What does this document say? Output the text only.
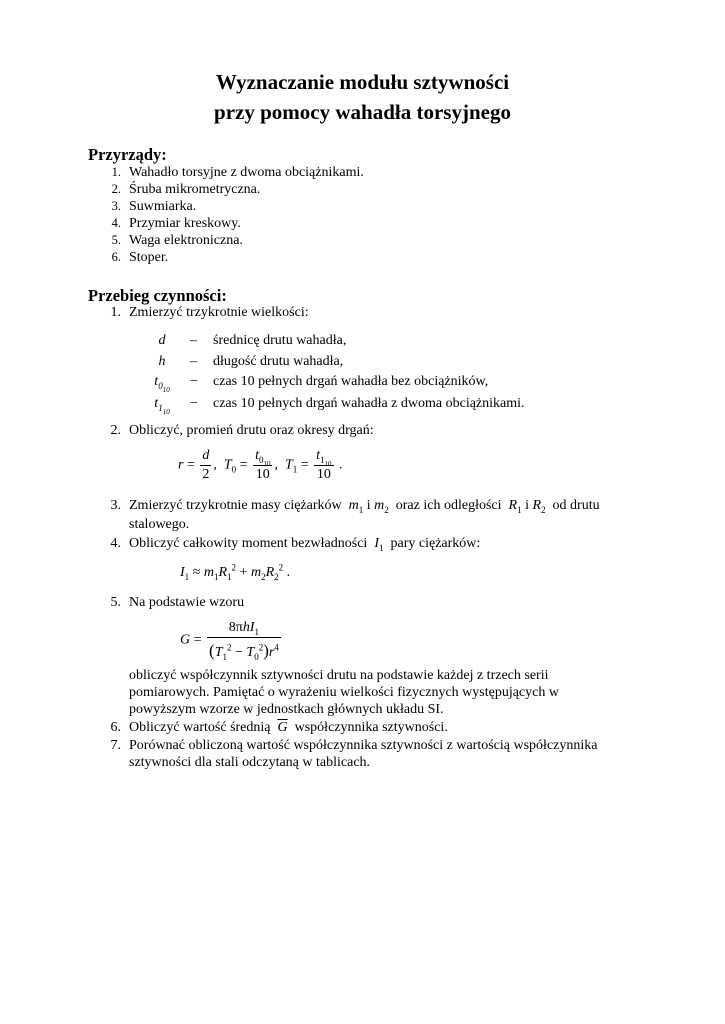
Wyznaczanie modułu sztywności
przy pomocy wahadła torsyjnego
Przyrządy:
1. Wahadło torsyjne z dwoma obciążnikami.
2. Śruba mikrometryczna.
3. Suwmiarka.
4. Przymiar kreskowy.
5. Waga elektroniczna.
6. Stoper.
Przebieg czynności:
1. Zmierzyć trzykrotnie wielkości:
d	– średnicę drutu wahadła,
h	– długość drutu wahadła,
$t_{0_{10}}$
− czas 10 pełnych drgań wahadła bez obciążników,
$t_{1_{10}}$
− czas 10 pełnych drgań wahadła z dwoma obciążnikami.
2. Obliczyć, promień drutu oraz okresy drgań:
$r = \frac{d}{2}$ ,  $T_0 = \frac{t_{0_{10}}}{10}$ ,  $T_1 = \frac{t_{1_{10}}}{10}$ .
3. Zmierzyć trzykrotnie masy ciężarków $m_1$ i $m_2$ oraz ich odległości $R_1$ i $R_2$ od drutu
stalowego.
4. Obliczyć całkowity moment bezwładności $I_1$ pary ciężarków:
$I_1 \approx m_1R_1^2 + m_2R_2^2$ .
5. Na podstawie wzoru
$G = \frac{8\pi hI_1}{(T_1^2 - T_0^2)r^4}$
obliczyć współczynnik sztywności drutu na podstawie każdej z trzech serii
pomiarowych. Pamiętać o wyrażeniu wielkości fizycznych występujących w
powyższym wzorze w jednostkach głównych układu SI.
6. Obliczyć wartość średnią $\overline{G}$ współczynnika sztywności.
7. Porównać obliczoną wartość współczynnika sztywności z wartością współczynnika
sztywności dla stali odczytaną w tablicach.
